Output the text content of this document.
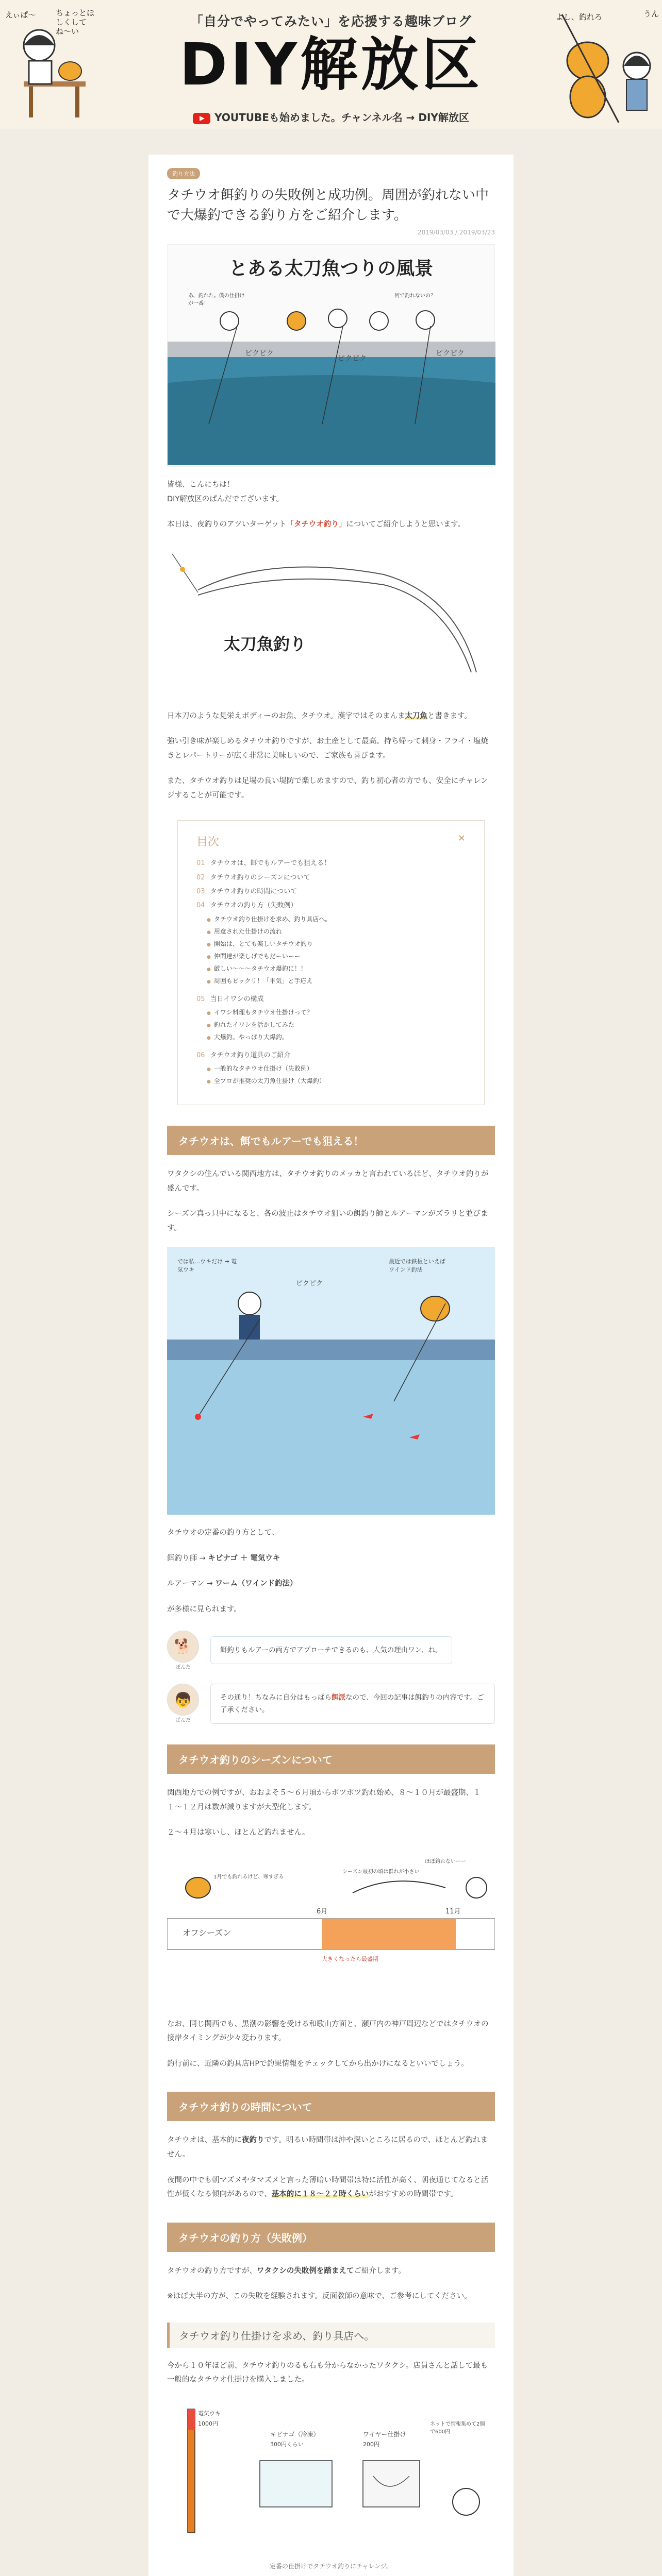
えぃぱ〜	ちょっとほしくしてね〜い
「自分でやってみたい」を応援する趣味ブログ
DIY解放区
YOUTUBEも始めました。チャンネル名 → DIY解放区
よし、釣れろ	うん
釣り方法
タチウオ餌釣りの失敗例と成功例。周囲が釣れない中で大爆釣できる釣り方をご紹介します。
2019/03/03 / 2019/03/23
とある太刀魚つりの風景
あ、釣れた。僕の仕掛けが一番！
何で釣れないの？
ピクピク
ピクピク
ピクピク

皆様、こんにちは！
DIY解放区のぱんだでございます。

本日は、夜釣りのアツいターゲット「タチウオ釣り」についてご紹介しようと思います。

太刀魚釣り

日本刀のような見栄えボディーのお魚、タチウオ。漢字ではそのまんま太刀魚と書きます。

強い引き味が楽しめるタチウオ釣りですが、お土産として最高。持ち帰って刺身・フライ・塩焼きとレパートリーが広く非常に美味しいので、ご家族も喜びます。

また、タチウオ釣りは足場の良い堤防で楽しめますので、釣り初心者の方でも、安全にチャレンジすることが可能です。

目次	✕
01 タチウオは、餌でもルアーでも狙える！
02 タチウオ釣りのシーズンについて
03 タチウオ釣りの時間について
04 タチウオの釣り方（失敗例）
● タチウオ釣り仕掛けを求め、釣り具店へ。
● 用意された仕掛けの流れ
● 開始は、とても楽しいタチウオ釣り
● 仲間達が楽しげでもだーいーー
● 厳しい〜〜〜タチウオ爆釣に！！
● 周囲もビックリ！「平気」と手応え
05 当日イワシの構成
● イワシ料理もタチウオ仕掛けって？
● 釣れたイワシを活かしてみた
● 大爆釣。やっぱり大爆釣。
06 タチウオ釣り道具のご紹介
● 一般的なタチウオ仕掛け（失敗例）
● 全プロが推奨の太刀魚仕掛け（大爆釣）
タチウオは、餌でもルアーでも狙える！

ワタクシの住んでいる関西地方は、タチウオ釣りのメッカと言われているほど、タチウオ釣りが盛んです。

シーズン真っ只中になると、各の波止はタチウオ狙いの餌釣り師とルアーマンがズラリと並びます。

では私…ウキだけ → 電気ウキ
最近では鉄板といえばワインド釣法
ピクピク

タチウオの定番の釣り方として、

餌釣り師 → キビナゴ ＋ 電気ウキ

ルアーマン → ワーム（ワインド釣法）

が多様に見られます。

🐕
ぽんた
餌釣りもルアーの両方でアプローチできるのも、人気の理由ワン、ね。
👦
ぱんだ
その通り！ちなみに自分はもっぱら餌派なので、今回の記事は餌釣りの内容です。ご了承ください。
タチウオ釣りのシーズンについて

関西地方での例ですが、おおよそ５〜６月頃からポツポツ釣れ始め、８〜１０月が最盛期、１１〜１２月は数が減りますが大型化します。

２〜４月は寒いし、ほとんど釣れません。

オフシーズン
6月	11月
シーズン最初の頃は群れが小さい
大きくなったら最盛期
1月でも釣れるけど、寒すぎる
ほぼ釣れないーー

なお、同じ関西でも、黒潮の影響を受ける和歌山方面と、瀬戸内の神戸周辺などではタチウオの接岸タイミングが少々変わります。

釣行前に、近隣の釣具店HPで釣果情報をチェックしてから出かけになるといいでしょう。

タチウオ釣りの時間について

タチウオは、基本的に夜釣りです。明るい時間帯は沖や深いところに居るので、ほとんど釣れません。

夜間の中でも朝マズメやタマズメと言った薄暗い時間帯は特に活性が高く、朝夜通じてなると活性が低くなる傾向があるので、基本的に１８〜２２時くらいがおすすめの時間帯です。

タチウオの釣り方（失敗例）

タチウオの釣り方ですが、ワタクシの失敗例を踏まえてご紹介します。

※ほぼ大半の方が、この失敗を経験されます。反面教師の意味で、ご参考にしてください。

タチウオ釣り仕掛けを求め、釣り具店へ。

今から１０年ほど前、タチウオ釣りのるも右も分からなかったワタクシ。店員さんと話して最も一般的なタチウオ仕掛けを購入しました。

電気ウキ
1000円
キビナゴ（冷凍）
300円くらい
ワイヤー仕掛け
200円
ネットで情報集めて2個で600円
定番の仕掛けでタチウオ釣りにチャレンジ。
